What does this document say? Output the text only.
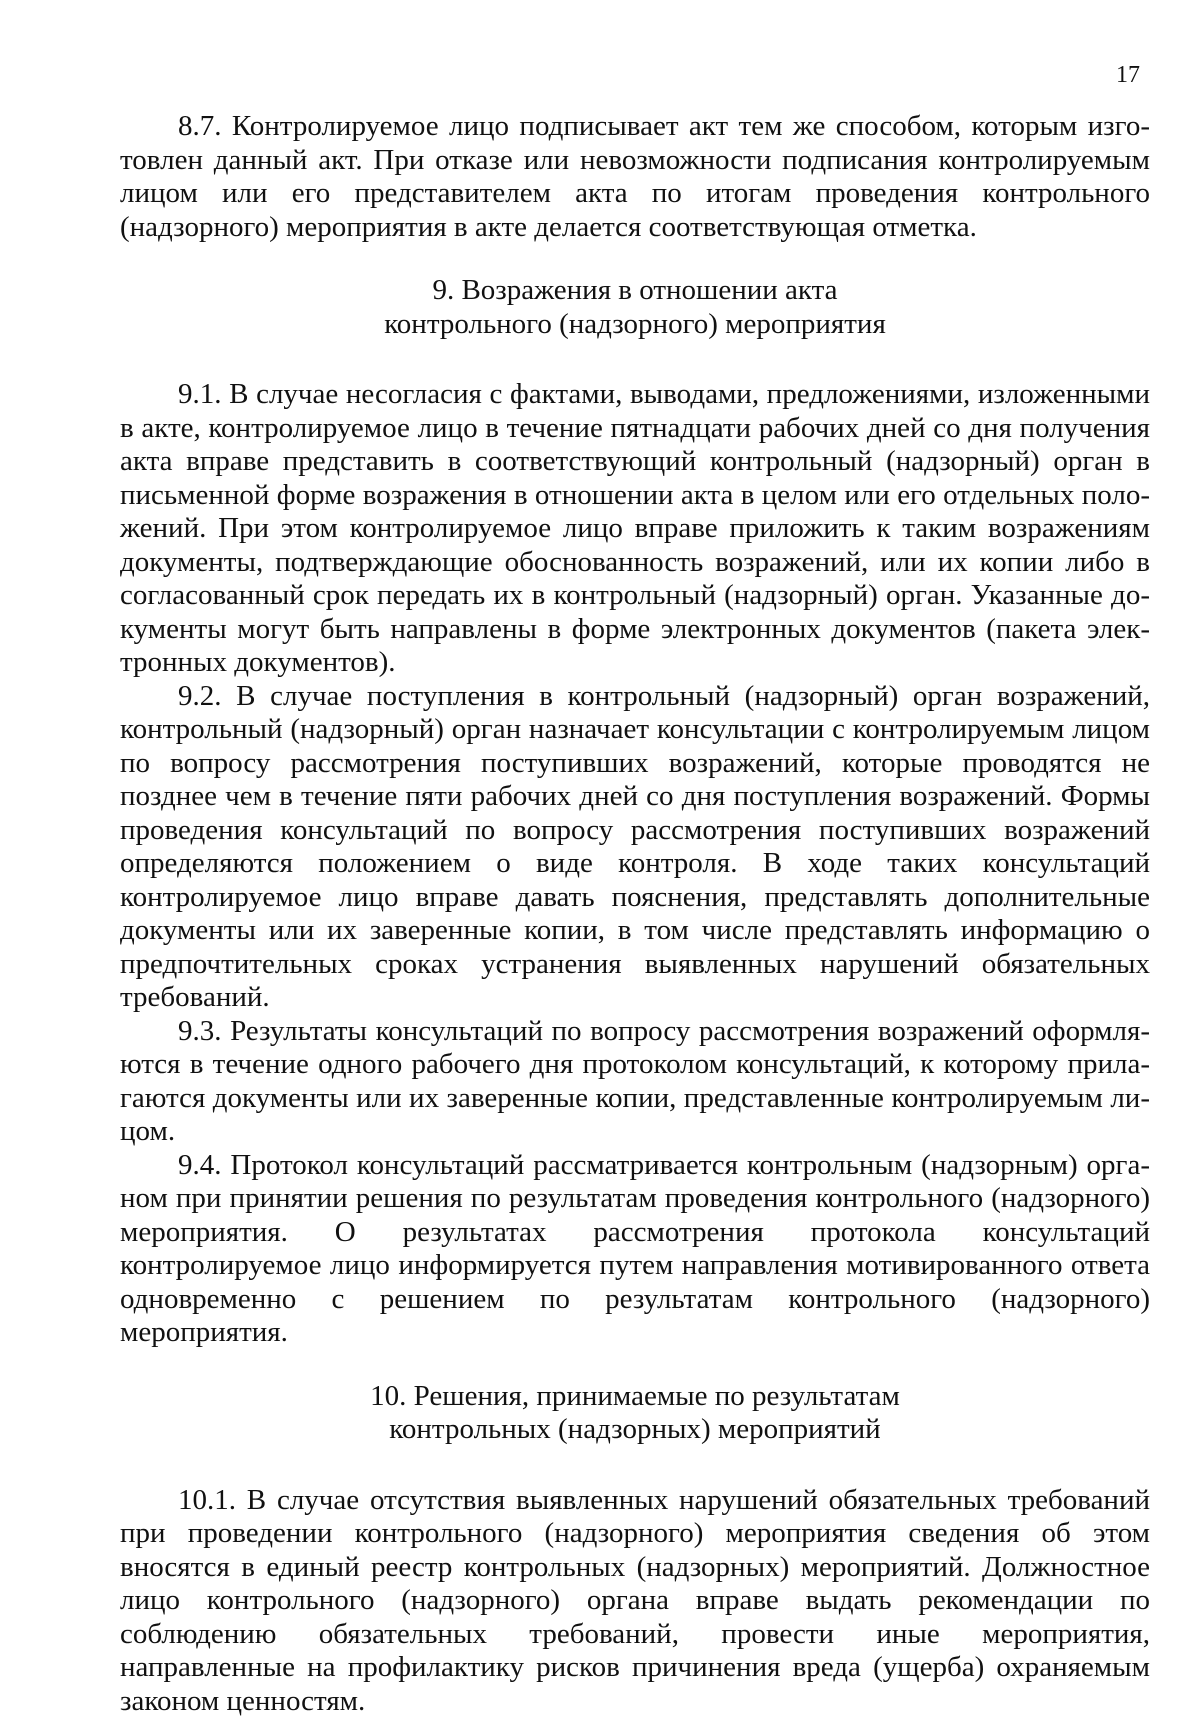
17

8.7. Контролируемое лицо подписывает акт тем же способом, которым изготовлен данный акт. При отказе или невозможности подписания контролируемым лицом или его представителем акта по итогам проведения контрольного (надзорного) мероприятия в акте делается соответствующая отметка.

9. Возражения в отношении акта

контрольного (надзорного) мероприятия

9.1. В случае несогласия с фактами, выводами, предложениями, изложенными в акте, контролируемое лицо в течение пятнадцати рабочих дней со дня получения акта вправе представить в соответствующий контрольный (надзорный) орган в письменной форме возражения в отношении акта в целом или его отдельных положений. При этом контролируемое лицо вправе приложить к таким возражениям документы, подтверждающие обоснованность возражений, или их копии либо в согласованный срок передать их в контрольный (надзорный) орган. Указанные документы могут быть направлены в форме электронных документов (пакета электронных документов).

9.2. В случае поступления в контрольный (надзорный) орган возражений, контрольный (надзорный) орган назначает консультации с контролируемым лицом по вопросу рассмотрения поступивших возражений, которые проводятся не позднее чем в течение пяти рабочих дней со дня поступления возражений. Формы проведения консультаций по вопросу рассмотрения поступивших возражений определяются положением о виде контроля. В ходе таких консультаций контролируемое лицо вправе давать пояснения, представлять дополнительные документы или их заверенные копии, в том числе представлять информацию о предпочтительных сроках устранения выявленных нарушений обязательных требований.

9.3. Результаты консультаций по вопросу рассмотрения возражений оформляются в течение одного рабочего дня протоколом консультаций, к которому прилагаются документы или их заверенные копии, представленные контролируемым лицом.

9.4. Протокол консультаций рассматривается контрольным (надзорным) органом при принятии решения по результатам проведения контрольного (надзорного) мероприятия. О результатах рассмотрения протокола консультаций контролируемое лицо информируется путем направления мотивированного ответа одновременно с решением по результатам контрольного (надзорного) мероприятия.

10. Решения, принимаемые по результатам

контрольных (надзорных) мероприятий

10.1. В случае отсутствия выявленных нарушений обязательных требований при проведении контрольного (надзорного) мероприятия сведения об этом вносятся в единый реестр контрольных (надзорных) мероприятий. Должностное лицо контрольного (надзорного) органа вправе выдать рекомендации по соблюдению обязательных требований, провести иные мероприятия, направленные на профилактику рисков причинения вреда (ущерба) охраняемым законом ценностям.
